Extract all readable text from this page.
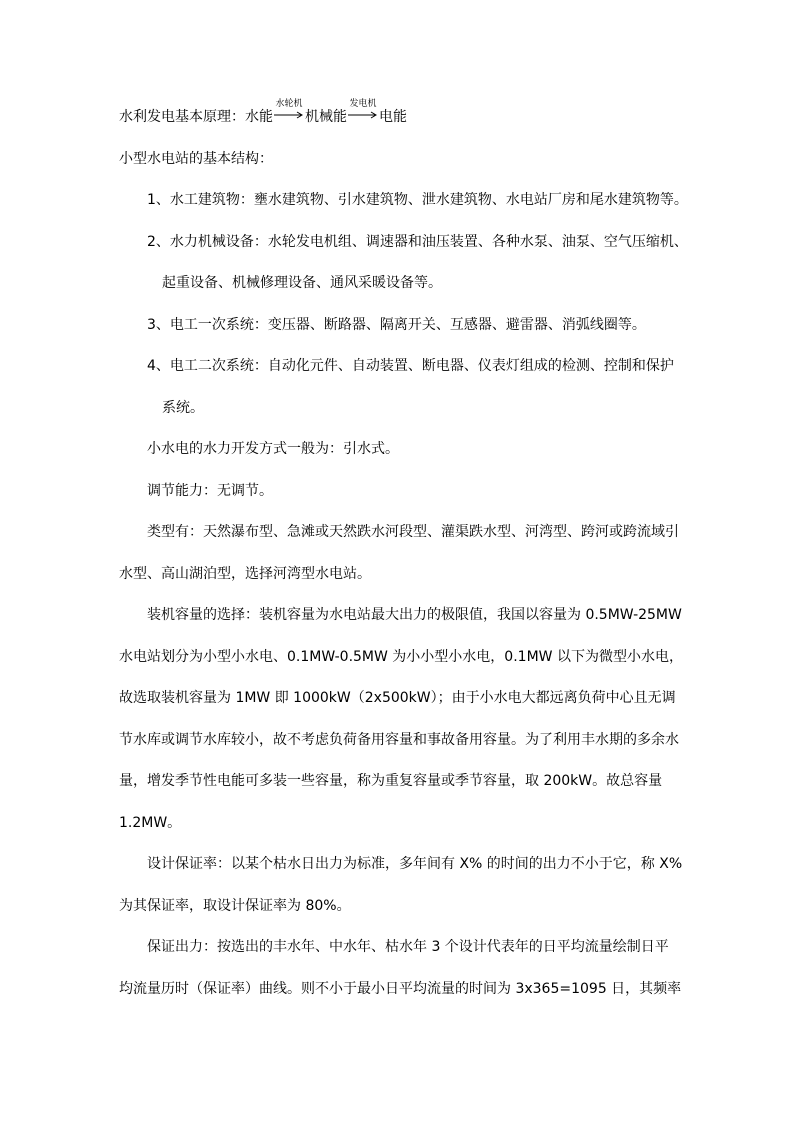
水利发电基本原理：水能
水轮机
机械能
发电机
电能
小型水电站的基本结构：
1、水工建筑物：壅水建筑物、引水建筑物、泄水建筑物、水电站厂房和尾水建筑物等。
2、水力机械设备：水轮发电机组、调速器和油压装置、各种水泵、油泵、空气压缩机、
起重设备、机械修理设备、通风采暖设备等。
3、电工一次系统：变压器、断路器、隔离开关、互感器、避雷器、消弧线圈等。
4、电工二次系统：自动化元件、自动装置、断电器、仪表灯组成的检测、控制和保护
系统。
小水电的水力开发方式一般为：引水式。
调节能力：无调节。
类型有：天然瀑布型、急滩或天然跌水河段型、灌渠跌水型、河湾型、跨河或跨流域引
水型、高山湖泊型，选择河湾型水电站。
装机容量的选择：装机容量为水电站最大出力的极限值，我国以容量为 0.5MW-25MW
水电站划分为小型小水电、0.1MW-0.5MW 为小小型小水电，0.1MW 以下为微型小水电，
故选取装机容量为 1MW 即 1000kW（2x500kW）；由于小水电大都远离负荷中心且无调
节水库或调节水库较小，故不考虑负荷备用容量和事故备用容量。为了利用丰水期的多余水
量，增发季节性电能可多装一些容量，称为重复容量或季节容量，取 200kW。故总容量
1.2MW。
设计保证率：以某个枯水日出力为标准，多年间有 X% 的时间的出力不小于它，称 X%
为其保证率，取设计保证率为 80%。
保证出力：按选出的丰水年、中水年、枯水年 3 个设计代表年的日平均流量绘制日平
均流量历时（保证率）曲线。则不小于最小日平均流量的时间为 3x365=1095 日，其频率
